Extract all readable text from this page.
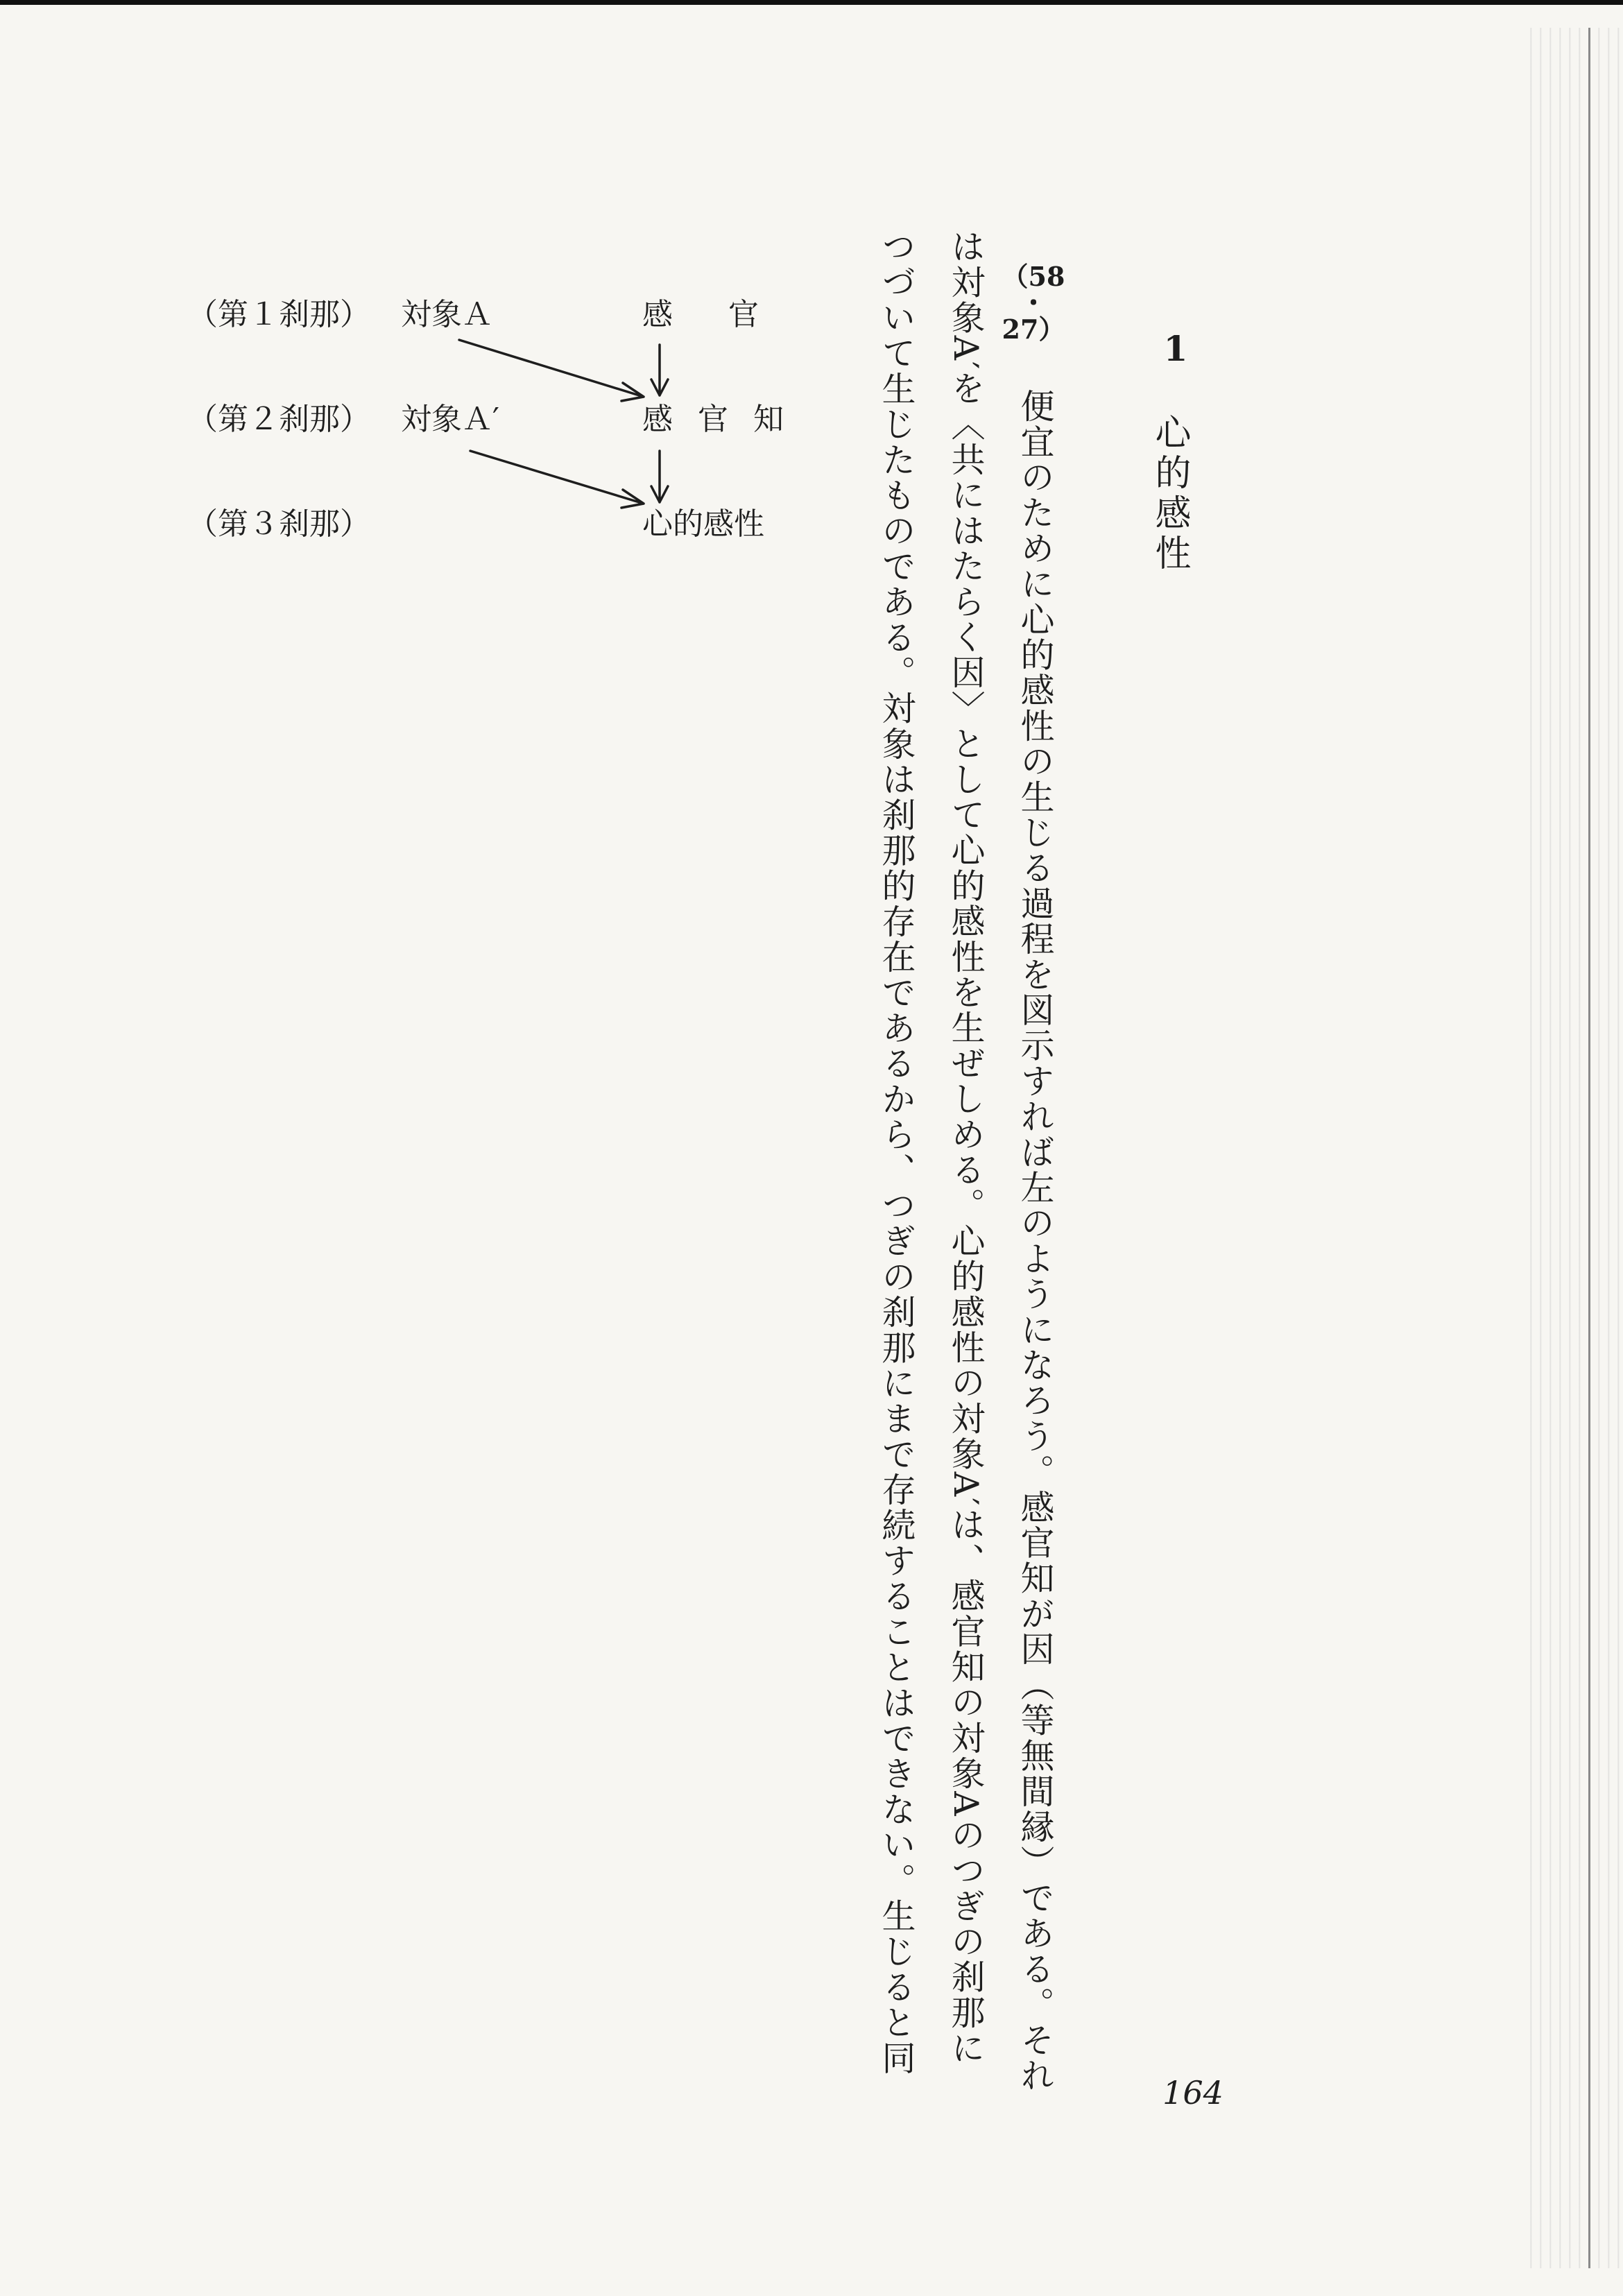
1
心的感性
（58
・
27）
便宜のために心的感性の生じる過程を図示すれば左のようになろう。感官知が因（等無間縁）である。それ
は対象A′を〈共にはたらく因〉として心的感性を生ぜしめる。心的感性の対象A′は、感官知の対象Aのつぎの刹那に
つづいて生じたものである。対象は刹那的存在であるから、つぎの刹那にまで存続することはできない。生じると同
（第１刹那）
（第２刹那）
（第３刹那）
対象Ａ
対象Ａ′
感官
感官知
心的感性
164
